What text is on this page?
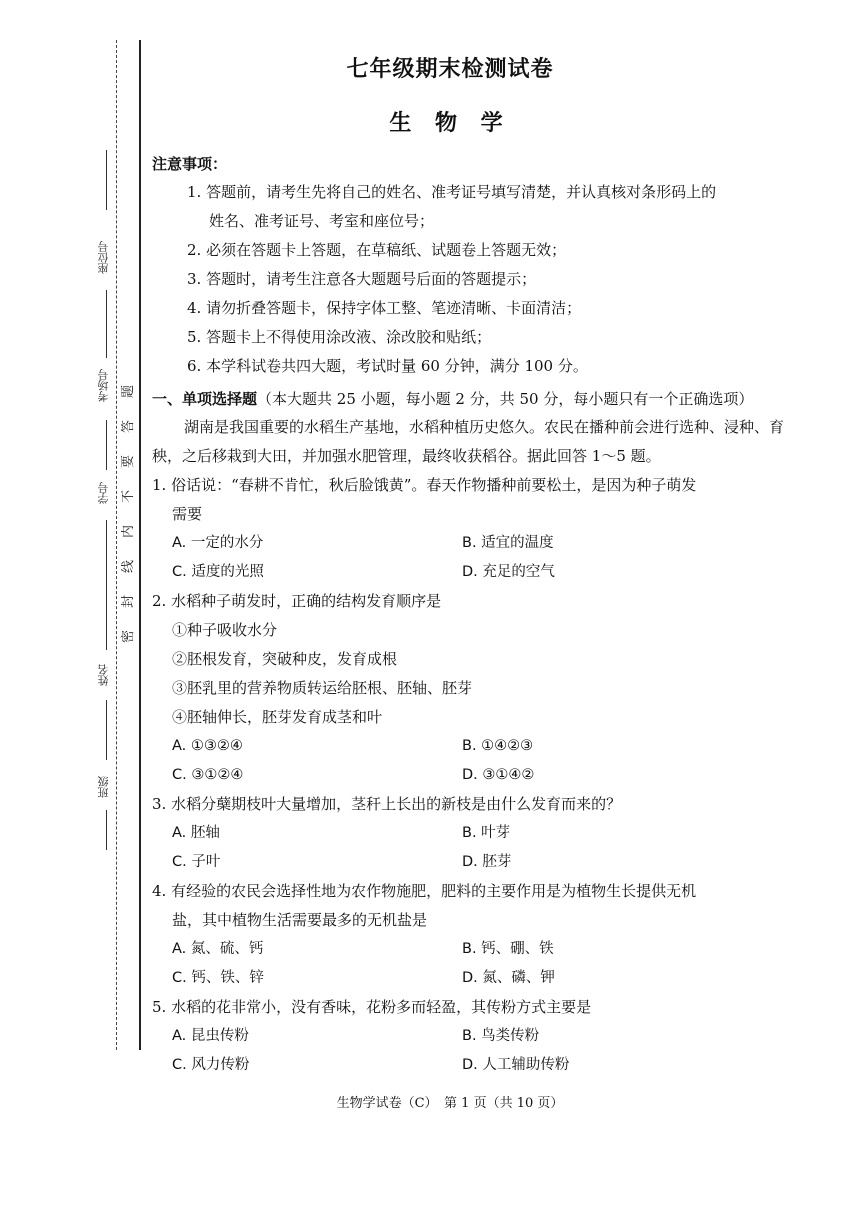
座位号
考场号
学号
姓名
班级
题
答
要
不
内
线
封
密
七年级期末检测试卷
生 物 学
注意事项：
1. 答题前，请考生先将自己的姓名、准考证号填写清楚，并认真核对条形码上的
姓名、准考证号、考室和座位号；
2. 必须在答题卡上答题，在草稿纸、试题卷上答题无效；
3. 答题时，请考生注意各大题题号后面的答题提示；
4. 请勿折叠答题卡，保持字体工整、笔迹清晰、卡面清洁；
5. 答题卡上不得使用涂改液、涂改胶和贴纸；
6. 本学科试卷共四大题，考试时量 60 分钟，满分 100 分。
一、单项选择题（本大题共 25 小题，每小题 2 分，共 50 分，每小题只有一个正确选项）
湖南是我国重要的水稻生产基地，水稻种植历史悠久。农民在播种前会进行选种、浸种、育秧，之后移栽到大田，并加强水肥管理，最终收获稻谷。据此回答 1～5 题。
1. 俗话说：“春耕不肯忙，秋后脸饿黄”。春天作物播种前要松土，是因为种子萌发
需要
A. 一定的水分	B. 适宜的温度
C. 适度的光照	D. 充足的空气
2. 水稻种子萌发时，正确的结构发育顺序是
①种子吸收水分
②胚根发育，突破种皮，发育成根
③胚乳里的营养物质转运给胚根、胚轴、胚芽
④胚轴伸长，胚芽发育成茎和叶
A. ①③②④	B. ①④②③
C. ③①②④	D. ③①④②
3. 水稻分蘖期枝叶大量增加，茎秆上长出的新枝是由什么发育而来的？
A. 胚轴	B. 叶芽
C. 子叶	D. 胚芽
4. 有经验的农民会选择性地为农作物施肥，肥料的主要作用是为植物生长提供无机
盐，其中植物生活需要最多的无机盐是
A. 氮、硫、钙	B. 钙、硼、铁
C. 钙、铁、锌	D. 氮、磷、钾
5. 水稻的花非常小，没有香味，花粉多而轻盈，其传粉方式主要是
A. 昆虫传粉	B. 鸟类传粉
C. 风力传粉	D. 人工辅助传粉
生物学试卷（C）　第 1 页（共 10 页）
